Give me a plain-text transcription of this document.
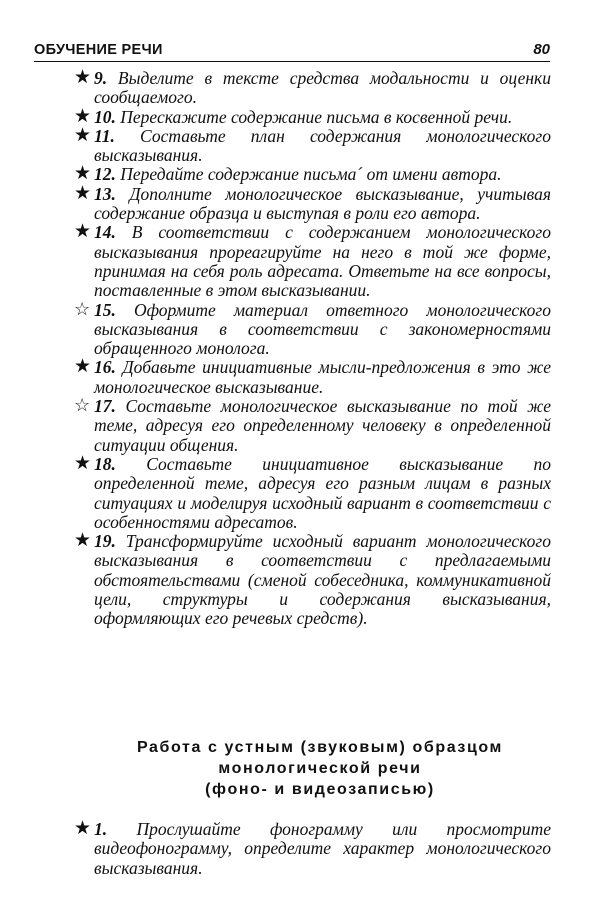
ОБУЧЕНИЕ РЕЧИ	80
★ 9. Выделите в тексте средства модальности и оценки сообщаемого.
★ 10. Перескажите содержание письма в косвенной речи.
★ 11. Составьте план содержания монологического высказывания.
★ 12. Передайте содержание письма´ от имени автора.
★ 13. Дополните монологическое высказывание, учитывая содержание образца и выступая в роли его автора.
★ 14. В соответствии с содержанием монологического высказывания прореагируйте на него в той же форме, принимая на себя роль адресата. Ответьте на все вопросы, поставленные в этом высказывании.
☆ 15. Оформите материал ответного монологического высказывания в соответствии с закономерностями обращенного монолога.
★ 16. Добавьте инициативные мысли-предложения в это же монологическое высказывание.
☆ 17. Составьте монологическое высказывание по той же теме, адресуя его определенному человеку в определенной ситуации общения.
★ 18. Составьте инициативное высказывание по определенной теме, адресуя его разным лицам в разных ситуациях и моделируя исходный вариант в соответствии с особенностями адресатов.
★ 19. Трансформируйте исходный вариант монологического высказывания в соответствии с предлагаемыми обстоятельствами (сменой собеседника, коммуникативной цели, структуры и содержания высказывания, оформляющих его речевых средств).
Работа с устным (звуковым) образцом
монологической речи
(фоно- и видеозаписью)
★ 1. Прослушайте фонограмму или просмотрите видеофонограмму, определите характер монологического высказывания.
